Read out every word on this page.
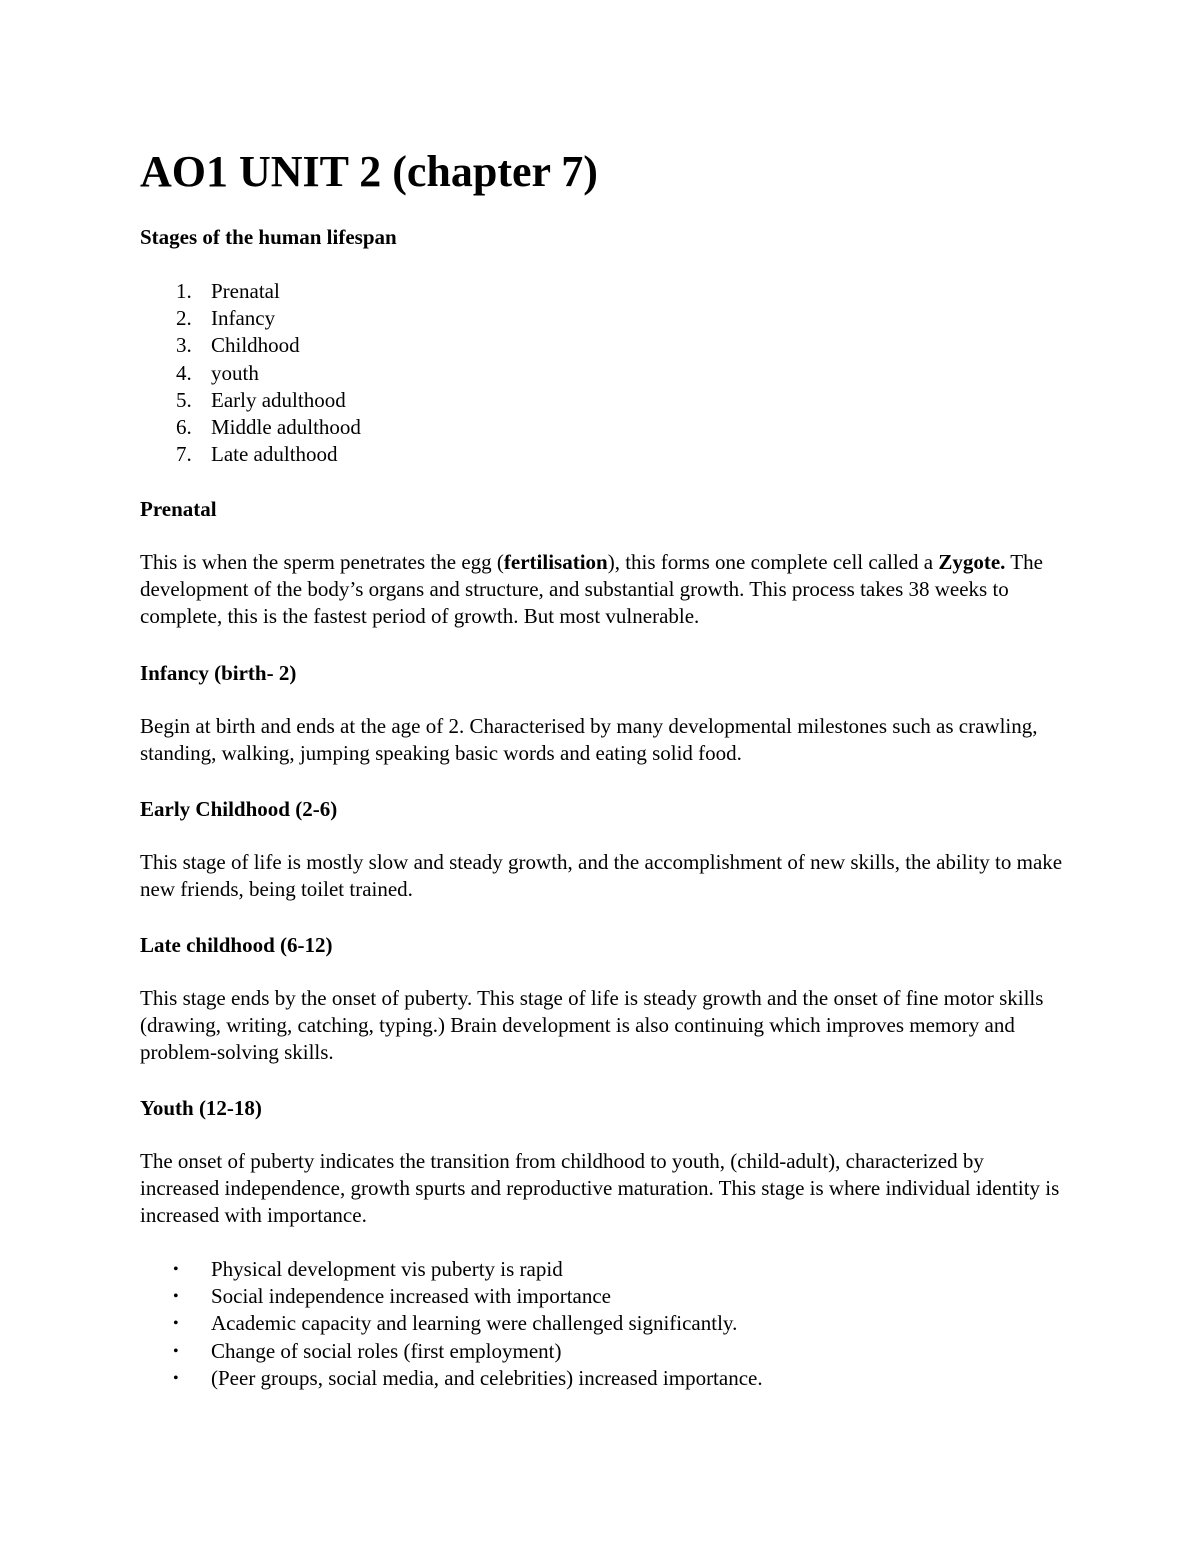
AO1 UNIT 2 (chapter 7)
Stages of the human lifespan
1. Prenatal
2. Infancy
3. Childhood
4. youth
5. Early adulthood
6. Middle adulthood
7. Late adulthood
Prenatal

This is when the sperm penetrates the egg (fertilisation), this forms one complete cell called a Zygote. The development of the body’s organs and structure, and substantial growth. This process takes 38 weeks to complete, this is the fastest period of growth. But most vulnerable.

Infancy (birth- 2)

Begin at birth and ends at the age of 2. Characterised by many developmental milestones such as crawling, standing, walking, jumping speaking basic words and eating solid food.

Early Childhood (2-6)

This stage of life is mostly slow and steady growth, and the accomplishment of new skills, the ability to make new friends, being toilet trained.

Late childhood (6-12)

This stage ends by the onset of puberty. This stage of life is steady growth and the onset of fine motor skills (drawing, writing, catching, typing.) Brain development is also continuing which improves memory and problem-solving skills.

Youth (12-18)

The onset of puberty indicates the transition from childhood to youth, (child-adult), characterized by increased independence, growth spurts and reproductive maturation. This stage is where individual identity is increased with importance.

• Physical development vis puberty is rapid
• Social independence increased with importance
• Academic capacity and learning were challenged significantly.
• Change of social roles (first employment)
• (Peer groups, social media, and celebrities) increased importance.
